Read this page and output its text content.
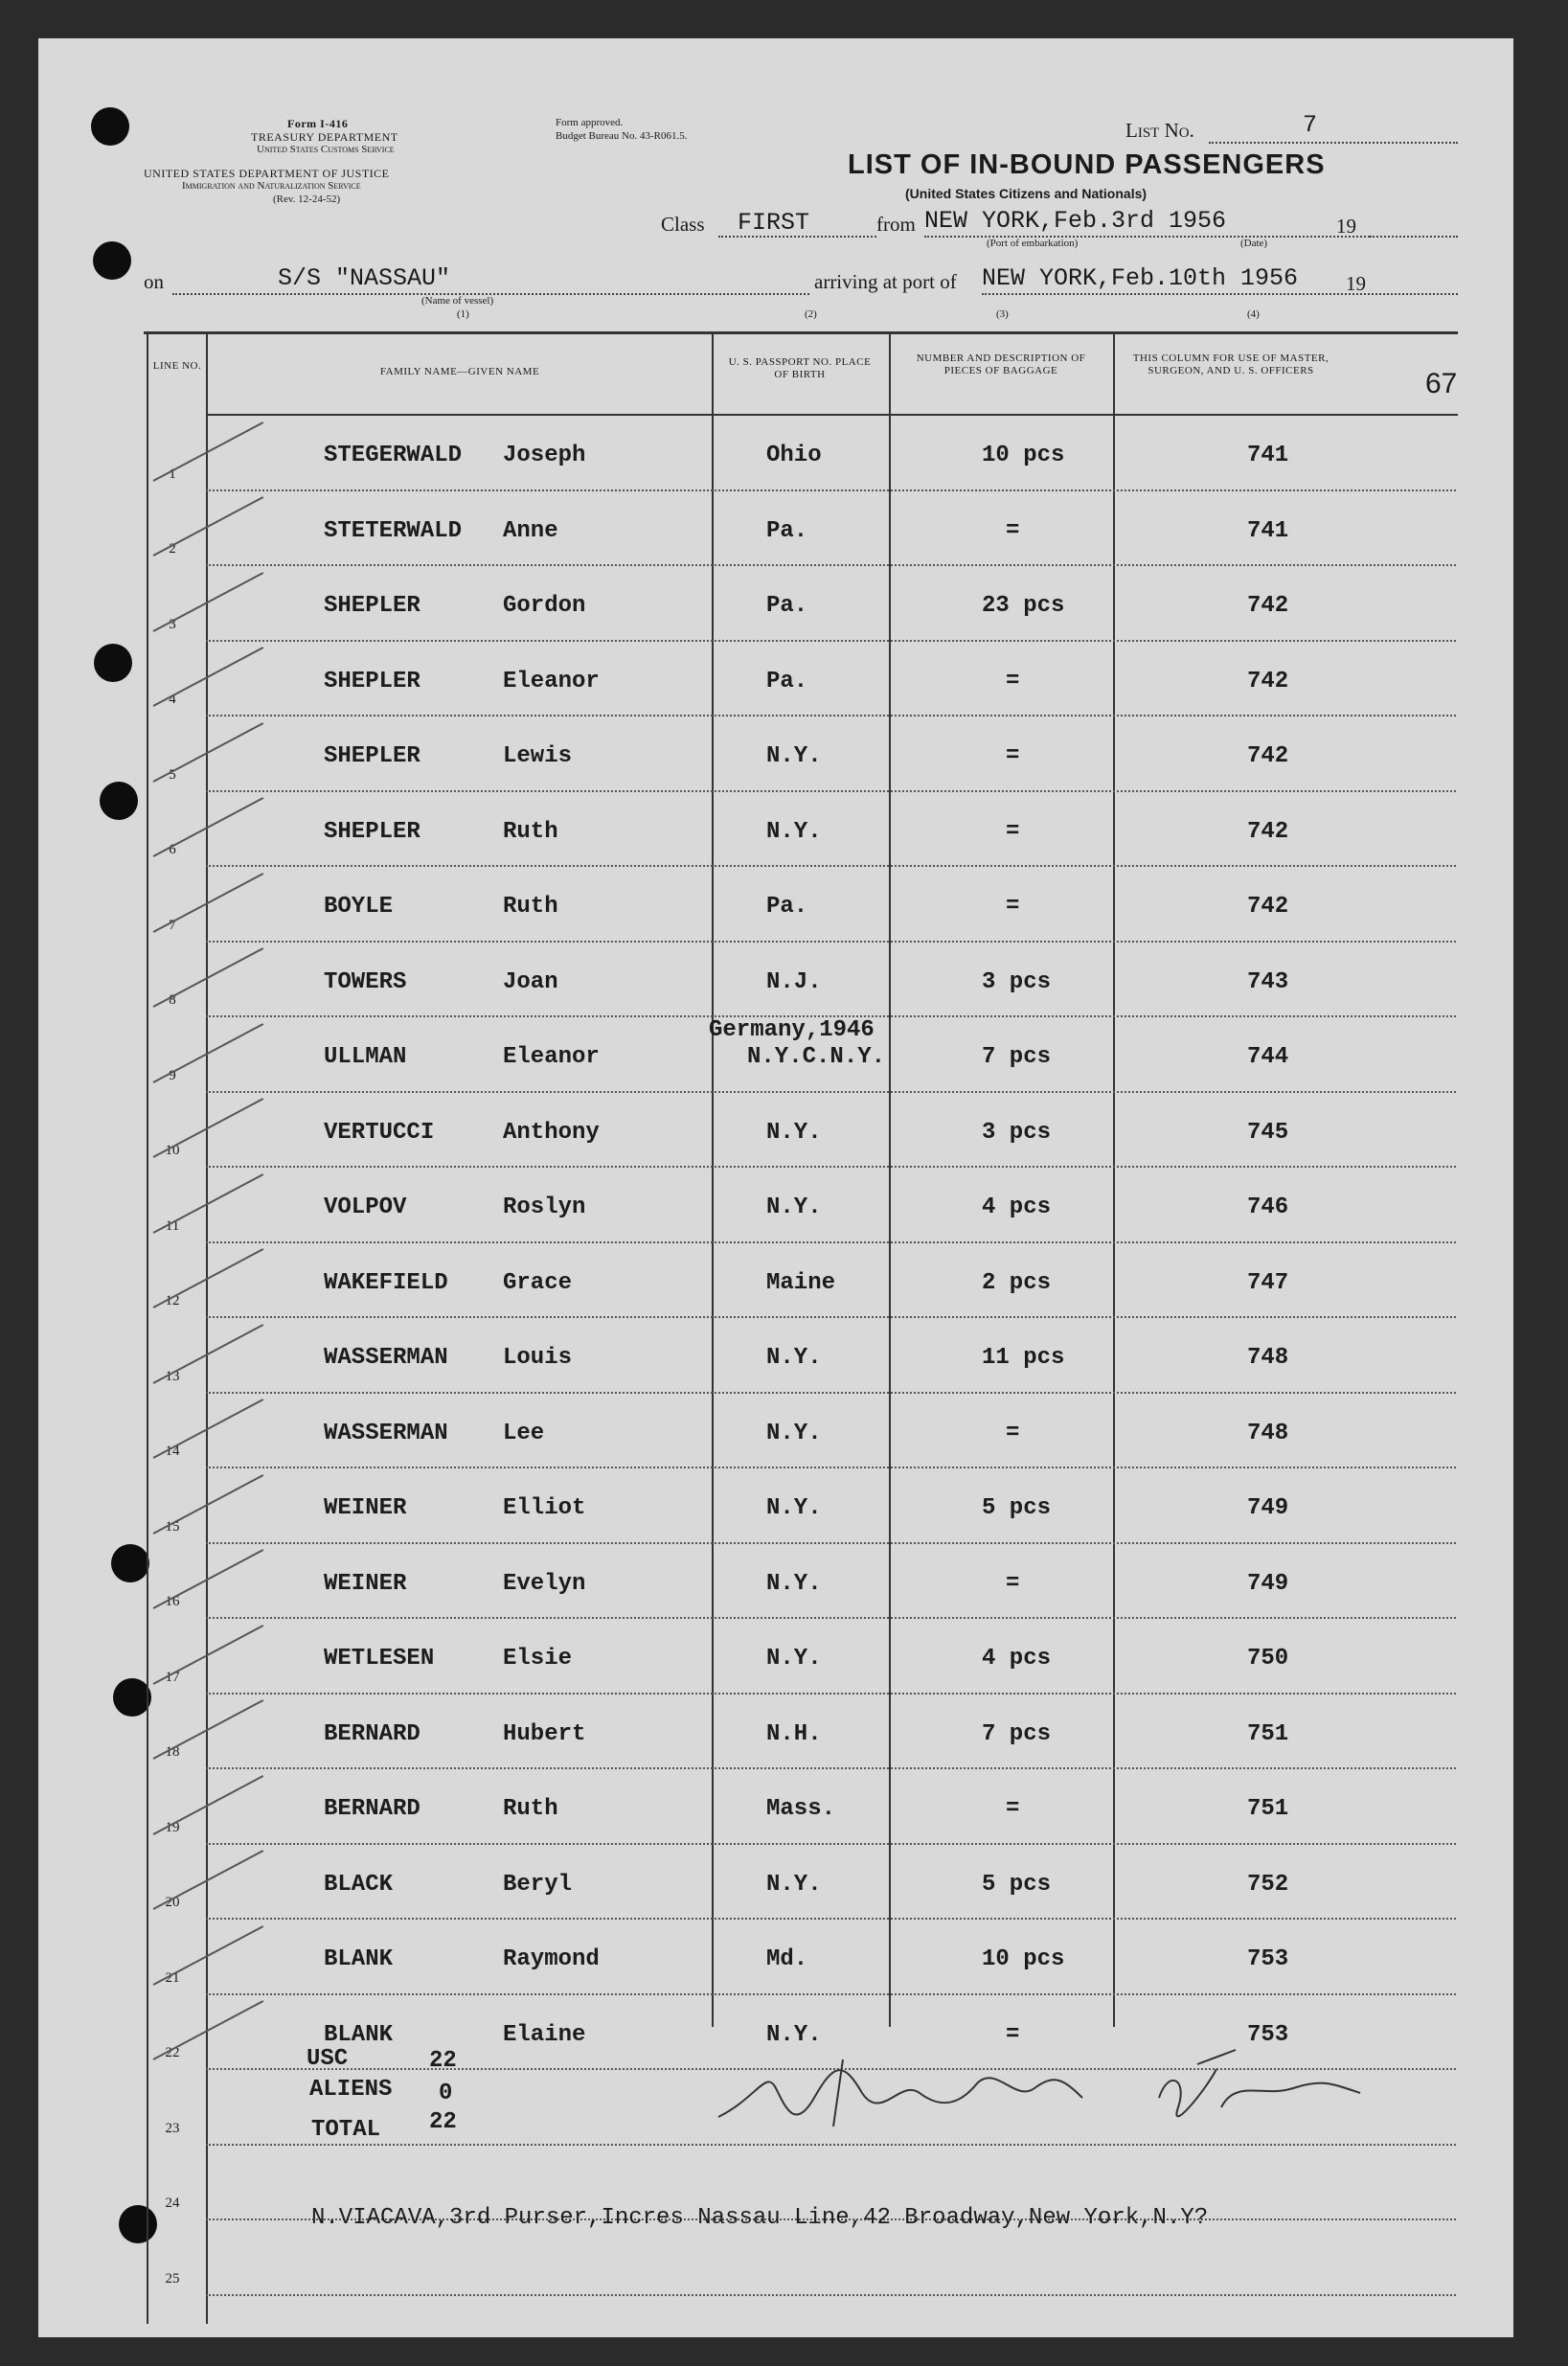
Form I-416
TREASURY DEPARTMENT
United States Customs Service
UNITED STATES DEPARTMENT OF JUSTICE
Immigration and Naturalization Service
(Rev. 12-24-52)
Form approved.
Budget Bureau No. 43-R061.5.	List No.	7
LIST OF IN-BOUND PASSENGERS
(United States Citizens and Nationals)
Class FIRST	from NEW YORK,Feb.3rd 1956	19
(Port of embarkation)	(Date)
on	S/S "NASSAU"
(Name of vessel)
arriving at port of NEW YORK,Feb.10th 1956 19
(1)	(2)	(3)	(4)
LINE NO.	FAMILY NAME—GIVEN NAME
U. S. PASSPORT NO. PLACE OF BIRTH
NUMBER AND DESCRIPTION OF PIECES OF BAGGAGE
THIS COLUMN FOR USE OF MASTER, SURGEON, AND U. S. OFFICERS	67
1
STEGERWALD Joseph	Ohio	10 pcs	741
2
STETERWALD Anne	Pa.	=	741
3
SHEPLER	Gordon	Pa.	23 pcs	742
4
SHEPLER	Eleanor	Pa.	=	742
5
SHEPLER	Lewis	N.Y.	=	742
6
SHEPLER	Ruth	N.Y.	=	742
7
BOYLE	Ruth	Pa.	=	742
8
TOWERS	Joan	N.J.	3 pcs	743
9
ULLMAN	Eleanor	N.Y.C.N.Y.	7 pcs	744
Germany,1946
10
VERTUCCI	Anthony	N.Y.	3 pcs	745
11
VOLPOV	Roslyn	N.Y.	4 pcs	746
12
WAKEFIELD Grace	Maine	2 pcs	747
13
WASSERMAN Louis	N.Y.	11 pcs	748
14
WASSERMAN Lee	N.Y.	=	748
15
WEINER	Elliot	N.Y.	5 pcs	749
16
WEINER	Evelyn	N.Y.	=	749
17
WETLESEN	Elsie	N.Y.	4 pcs	750
18
BERNARD	Hubert	N.H.	7 pcs	751
19
BERNARD	Ruth	Mass.	=	751
20
BLACK	Beryl	N.Y.	5 pcs	752
21
BLANK	Raymond	Md.	10 pcs	753
22
BLANK	Elaine	N.Y.	=	753
23
24
25
USC	22
ALIENS 0
TOTAL 22
N.VIACAVA,3rd Purser,Incres Nassau Line,42 Broadway,New York,N.Y?
